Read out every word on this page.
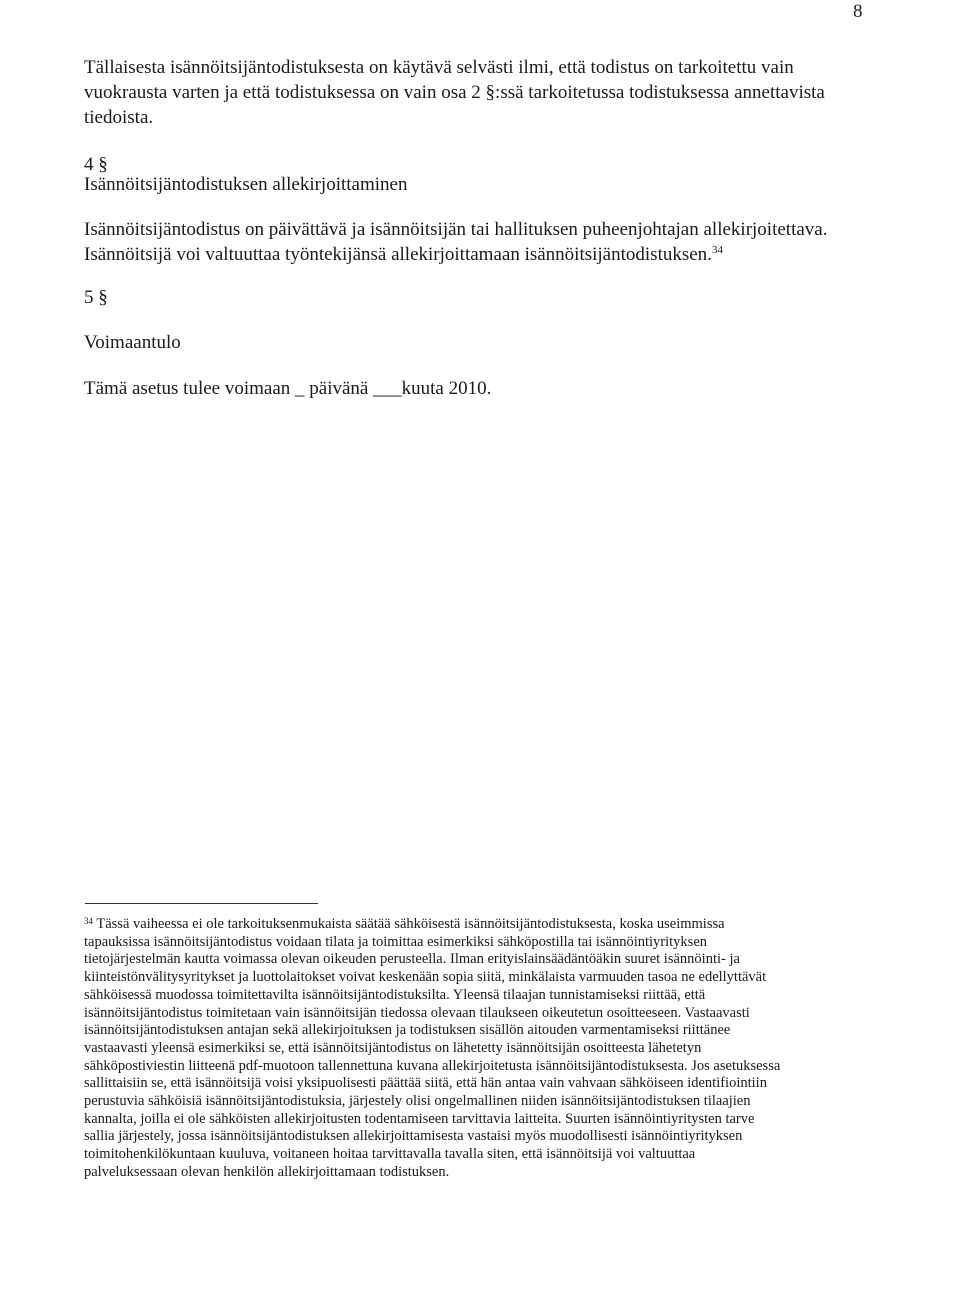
8
Tällaisesta isännöitsijäntodistuksesta on käytävä selvästi ilmi, että todistus on tarkoitettu vain
vuokrausta varten ja että todistuksessa on vain osa 2 §:ssä tarkoitetussa todistuksessa annettavista
tiedoista.
4 §
Isännöitsijäntodistuksen allekirjoittaminen
Isännöitsijäntodistus on päivättävä ja isännöitsijän tai hallituksen puheenjohtajan allekirjoitettava.
Isännöitsijä voi valtuuttaa työntekijänsä allekirjoittamaan isännöitsijäntodistuksen.$^{34}$
5 §
Voimaantulo
Tämä asetus tulee voimaan _ päivänä ___kuuta 2010.
$^{34}$ Tässä vaiheessa ei ole tarkoituksenmukaista säätää sähköisestä isännöitsijäntodistuksesta, koska useimmissa
tapauksissa isännöitsijäntodistus voidaan tilata ja toimittaa esimerkiksi sähköpostilla tai isännöintiyrityksen
tietojärjestelmän kautta voimassa olevan oikeuden perusteella. Ilman erityislainsäädäntöäkin suuret isännöinti- ja
kiinteistönvälitysyritykset ja luottolaitokset voivat keskenään sopia siitä, minkälaista varmuuden tasoa ne edellyttävät
sähköisessä muodossa toimitettavilta isännöitsijäntodistuksilta. Yleensä tilaajan tunnistamiseksi riittää, että
isännöitsijäntodistus toimitetaan vain isännöitsijän tiedossa olevaan tilaukseen oikeutetun osoitteeseen. Vastaavasti
isännöitsijäntodistuksen antajan sekä allekirjoituksen ja todistuksen sisällön aitouden varmentamiseksi riittänee
vastaavasti yleensä esimerkiksi se, että isännöitsijäntodistus on lähetetty isännöitsijän osoitteesta lähetetyn
sähköpostiviestin liitteenä pdf-muotoon tallennettuna kuvana allekirjoitetusta isännöitsijäntodistuksesta. Jos asetuksessa
sallittaisiin se, että isännöitsijä voisi yksipuolisesti päättää siitä, että hän antaa vain vahvaan sähköiseen identifiointiin
perustuvia sähköisiä isännöitsijäntodistuksia, järjestely olisi ongelmallinen niiden isännöitsijäntodistuksen tilaajien
kannalta, joilla ei ole sähköisten allekirjoitusten todentamiseen tarvittavia laitteita. Suurten isännöintiyritysten tarve
sallia järjestely, jossa isännöitsijäntodistuksen allekirjoittamisesta vastaisi myös muodollisesti isännöintiyrityksen
toimitohenkilökuntaan kuuluva, voitaneen hoitaa tarvittavalla tavalla siten, että isännöitsijä voi valtuuttaa
palveluksessaan olevan henkilön allekirjoittamaan todistuksen.
